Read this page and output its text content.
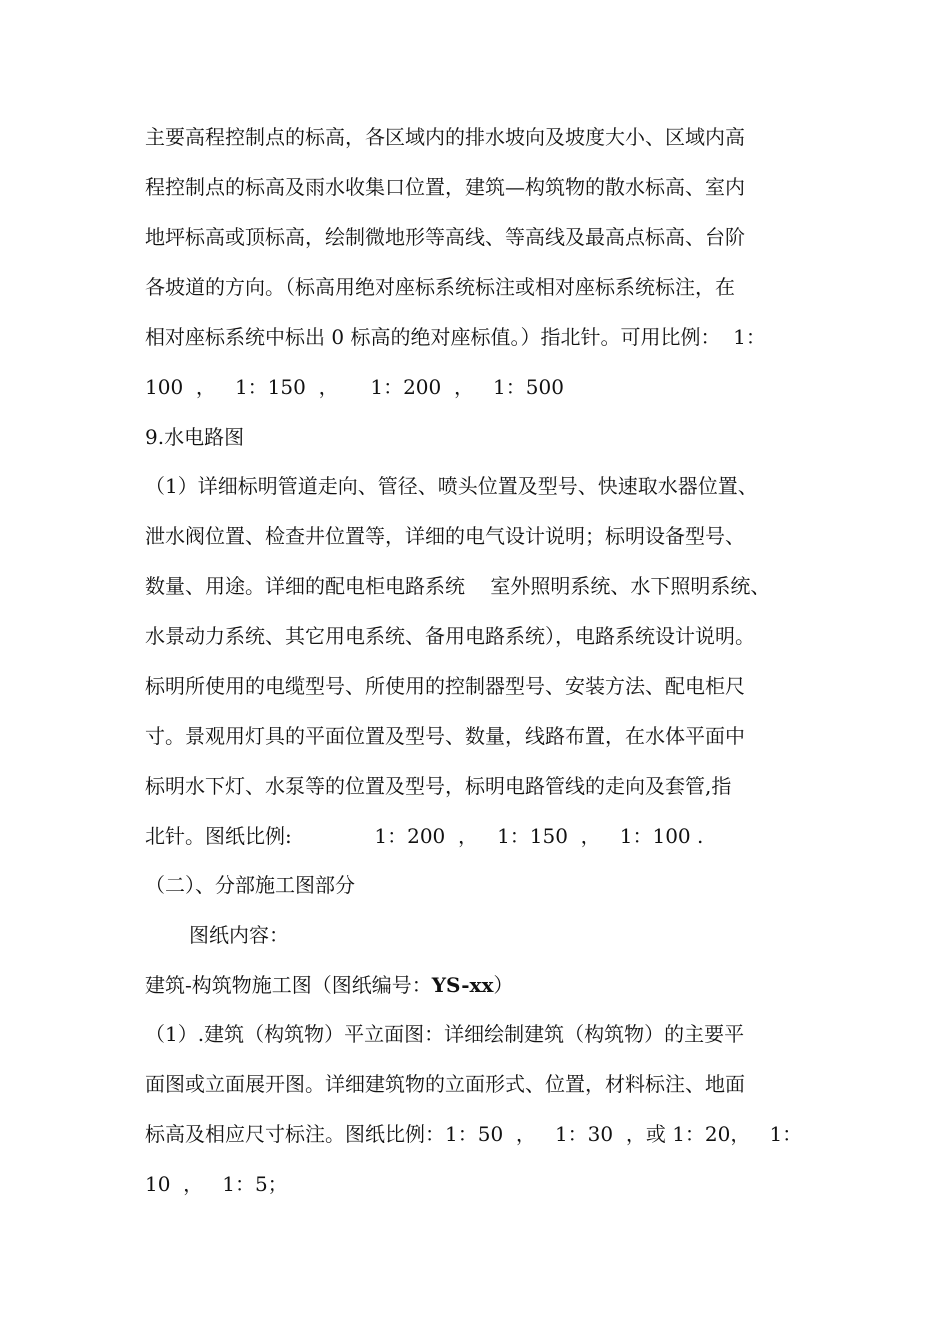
主要高程控制点的标高，各区域内的排水坡向及坡度大小、区域内高
程控制点的标高及雨水收集口位置，建筑—构筑物的散水标高、室内
地坪标高或顶标高，绘制微地形等高线、等高线及最高点标高、台阶
各坡道的方向。（标高用绝对座标系统标注或相对座标系统标注，在
相对座标系统中标出 0 标高的绝对座标值。）指北针。可用比例：  1：
100  ，   1：150  ，     1：200  ，   1：500
9.水电路图
（1）详细标明管道走向、管径、喷头位置及型号、快速取水器位置、
泄水阀位置、检查井位置等，详细的电气设计说明；标明设备型号、
数量、用途。详细的配电柜电路系统    室外照明系统、水下照明系统、
水景动力系统、其它用电系统、备用电路系统），电路系统设计说明。
标明所使用的电缆型号、所使用的控制器型号、安装方法、配电柜尺
寸。景观用灯具的平面位置及型号、数量，线路布置，在水体平面中
标明水下灯、水泵等的位置及型号，标明电路管线的走向及套管,指
北针。图纸比例:             1：200  ，   1：150  ，   1：100 .
（二）、分部施工图部分
图纸内容：
建筑-构筑物施工图（图纸编号：YS-xx）
（1）.建筑（构筑物）平立面图：详细绘制建筑（构筑物）的主要平
面图或立面展开图。详细建筑物的立面形式、位置，材料标注、地面
标高及相应尺寸标注。图纸比例：1：50  ，   1：30  ，或 1：20，   1：
10  ，   1：5；
